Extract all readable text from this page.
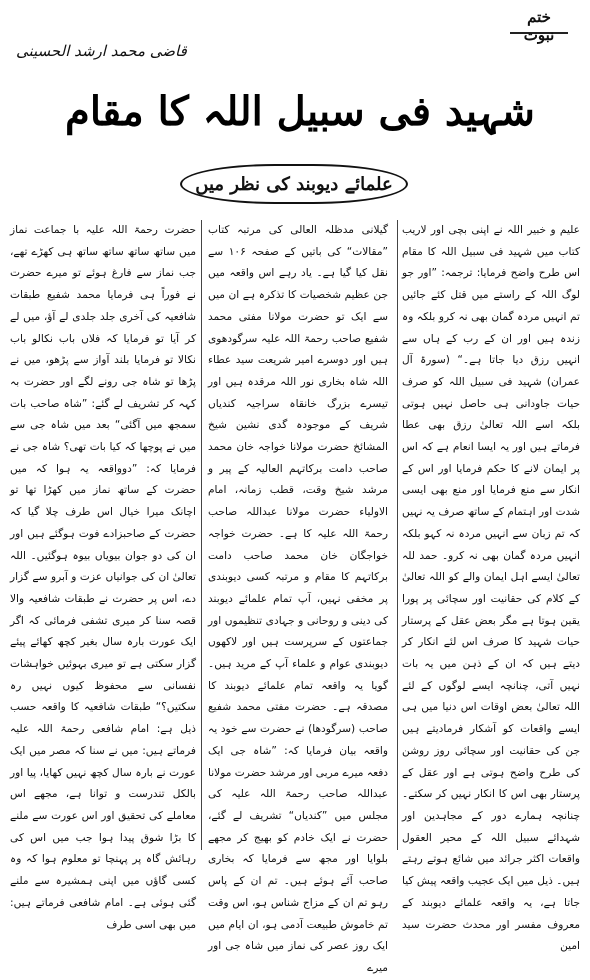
ختم نبوت
قاضی محمد ارشد الحسینی
شہید فی سبیل اللہ کا مقام
علمائے دیوبند کی نظر میں

علیم و خبیر اللہ نے اپنی بچی اور لاریب کتاب میں شہید فی سبیل اللہ کا مقام اس طرح واضح فرمایا: ترجمہ: ”اور جو لوگ اللہ کے راستے میں قتل کئے جائیں تم انہیں مردہ گمان بھی نہ کرو بلکہ وہ زندہ ہیں اور ان کے رب کے ہاں سے انہیں رزق دیا جاتا ہے۔“ (سورۃ آل عمران) شہید فی سبیل اللہ کو صرف حیات جاودانی ہی حاصل نہیں ہوتی بلکہ اسے اللہ تعالیٰ رزق بھی عطا فرماتے ہیں اور یہ ایسا انعام ہے کہ اس پر ایمان لانے کا حکم فرمایا اور اس کے انکار سے منع فرمایا اور منع بھی ایسی شدت اور اہتمام کے ساتھ صرف یہ نہیں کہ تم زبان سے انہیں مردہ نہ کہو بلکہ انہیں مردہ گمان بھی نہ کرو۔ حمد للہ تعالیٰ ایسے اہل ایمان والے کو اللہ تعالیٰ کے کلام کی حقانیت اور سچائی پر پورا یقین ہوتا ہے مگر بعض عقل کے پرستار حیات شہید کا صرف اس لئے انکار کر دیتے ہیں کہ ان کے ذہن میں یہ بات نہیں آتی، چنانچہ ایسے لوگوں کے لئے اللہ تعالیٰ بعض اوقات اس دنیا میں ہی ایسے واقعات کو آشکار فرمادیتے ہیں جن کی حقانیت اور سچائی روز روشن کی طرح واضح ہوتی ہے اور عقل کے پرستار بھی اس کا انکار نہیں کر سکتے۔ چنانچہ ہمارے دور کے مجاہدین اور شہدائے سبیل اللہ کے محیر العقول واقعات اکثر جرائد میں شائع ہوتے رہتے ہیں۔ ذیل میں ایک عجیب واقعہ پیش کیا جاتا ہے، یہ واقعہ علمائے دیوبند کے معروف مفسر اور محدث حضرت سید امین

گیلانی مدظلہ العالی کی مرتبہ کتاب ”مقالات“ کی باتیں کے صفحہ ۱۰۶ سے نقل کیا گیا ہے۔ یاد رہے اس واقعہ میں جن عظیم شخصیات کا تذکرہ ہے ان میں سے ایک تو حضرت مولانا مفتی محمد شفیع صاحب رحمۃ اللہ علیہ سرگودھوی ہیں اور دوسرے امیر شریعت سید عطاء اللہ شاہ بخاری نور اللہ مرقدہ ہیں اور تیسرے بزرگ خانقاہ سراجیہ کندیاں شریف کے موجودہ گدی نشین شیخ المشائخ حضرت مولانا خواجہ خان محمد صاحب دامت برکاتہم العالیہ کے پیر و مرشد شیخ وقت، قطب زمانہ، امام الاولیاء حضرت مولانا عبداللہ صاحب رحمۃ اللہ علیہ کا ہے۔ حضرت خواجہ خواجگان خان محمد صاحب دامت برکاتہم کا مقام و مرتبہ کسی دیوبندی پر مخفی نہیں، آپ تمام علمائے دیوبند کی دینی و روحانی و جہادی تنظیموں اور جماعتوں کے سرپرست ہیں اور لاکھوں دیوبندی عوام و علماء آپ کے مرید ہیں۔ گویا یہ واقعہ تمام علمائے دیوبند کا مصدقہ ہے۔ حضرت مفتی محمد شفیع صاحب (سرگودھا) نے حضرت سے خود یہ واقعہ بیان فرمایا کہ: ”شاہ جی ایک دفعہ میرے مربی اور مرشد حضرت مولانا عبداللہ صاحب رحمۃ اللہ علیہ کی مجلس میں ”کندیاں“ تشریف لے گئے، حضرت نے ایک خادم کو بھیج کر مجھے بلوایا اور مجھ سے فرمایا کہ بخاری صاحب آئے ہوئے ہیں۔ تم ان کے پاس رہو تم ان کے مزاج شناس ہو، اس وقت تم خاموش طبیعت آدمی ہو، ان ایام میں ایک روز عصر کی نماز میں شاہ جی اور میرے

حضرت رحمۃ اللہ علیہ با جماعت نماز میں ساتھ ساتھ ساتھ ساتھ ہی کھڑے تھے، جب نماز سے فارغ ہوئے تو میرے حضرت نے فوراً ہی فرمایا محمد شفیع طبقات شافعیہ کی آخری جلد جلدی لے آؤ، میں لے کر آیا تو فرمایا کہ فلاں باب نکالو باب نکالا تو فرمایا بلند آواز سے پڑھو، میں نے پڑھا تو شاہ جی رونے لگے اور حضرت بہ کہہ کر تشریف لے گئے: ”شاہ صاحب بات سمجھ میں آگئی“ بعد میں شاہ جی سے میں نے پوچھا کہ کیا بات تھی؟ شاہ جی نے فرمایا کہ: ”دوواقعہ یہ ہوا کہ میں حضرت کے ساتھ نماز میں کھڑا تھا تو اچانک میرا خیال اس طرف چلا گیا کہ حضرت کے صاحبزادے فوت ہوگئے ہیں اور ان کی دو جوان بیویاں بیوہ ہوگئیں۔ اللہ تعالیٰ ان کی جوانیاں عزت و آبرو سے گزار دے، اس پر حضرت نے طبقات شافعیہ والا قصہ سنا کر میری تشفی فرمائی کہ اگر ایک عورت بارہ سال بغیر کچھ کھائے پیئے گزار سکتی ہے تو میری بہوئیں خواہشات نفسانی سے محفوظ کیوں نہیں رہ سکتیں؟“ طبقات شافعیہ کا واقعہ حسب ذیل ہے: امام شافعی رحمۃ اللہ علیہ فرماتے ہیں: میں نے سنا کہ مصر میں ایک عورت نے بارہ سال کچھ نہیں کھایا، پیا اور بالکل تندرست و توانا ہے، مجھے اس معاملے کی تحقیق اور اس عورت سے ملنے کا بڑا شوق پیدا ہوا جب میں اس کی رہائش گاہ پر پہنچا تو معلوم ہوا کہ وہ کسی گاؤں میں اپنی ہمشیرہ سے ملنے گئی ہوئی ہے۔ امام شافعی فرماتے ہیں: میں بھی اسی طرف
